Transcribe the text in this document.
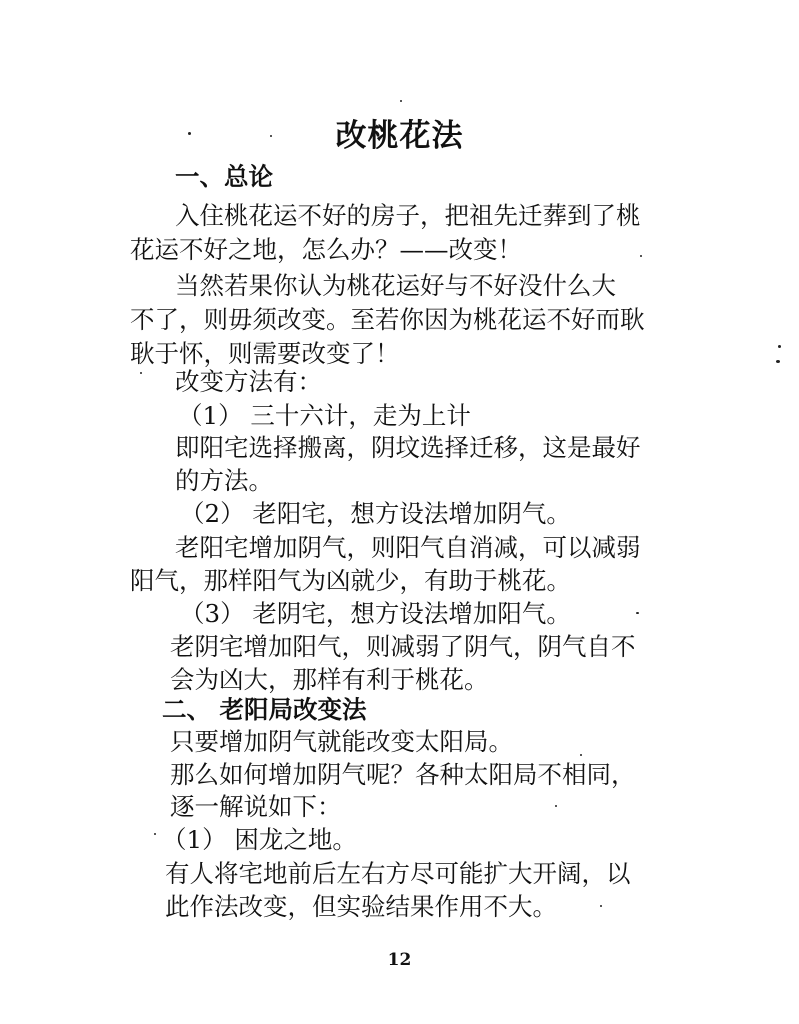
改桃花法

一、总论

入住桃花运不好的房子，把祖先迁葬到了桃

花运不好之地，怎么办？——改变！

当然若果你认为桃花运好与不好没什么大

不了，则毋须改变。至若你因为桃花运不好而耿

耿于怀，则需要改变了！

改变方法有：

（1） 三十六计，走为上计

即阳宅选择搬离，阴坟选择迁移，这是最好

的方法。

（2） 老阳宅，想方设法增加阴气。

老阳宅增加阴气，则阳气自消减，可以减弱

阳气，那样阳气为凶就少，有助于桃花。

（3） 老阴宅，想方设法增加阳气。

老阴宅增加阳气，则减弱了阴气，阴气自不

会为凶大，那样有利于桃花。

二、 老阳局改变法

只要增加阴气就能改变太阳局。

那么如何增加阴气呢？各种太阳局不相同，

逐一解说如下：

（1） 困龙之地。

有人将宅地前后左右方尽可能扩大开阔，以

此作法改变，但实验结果作用不大。

12
